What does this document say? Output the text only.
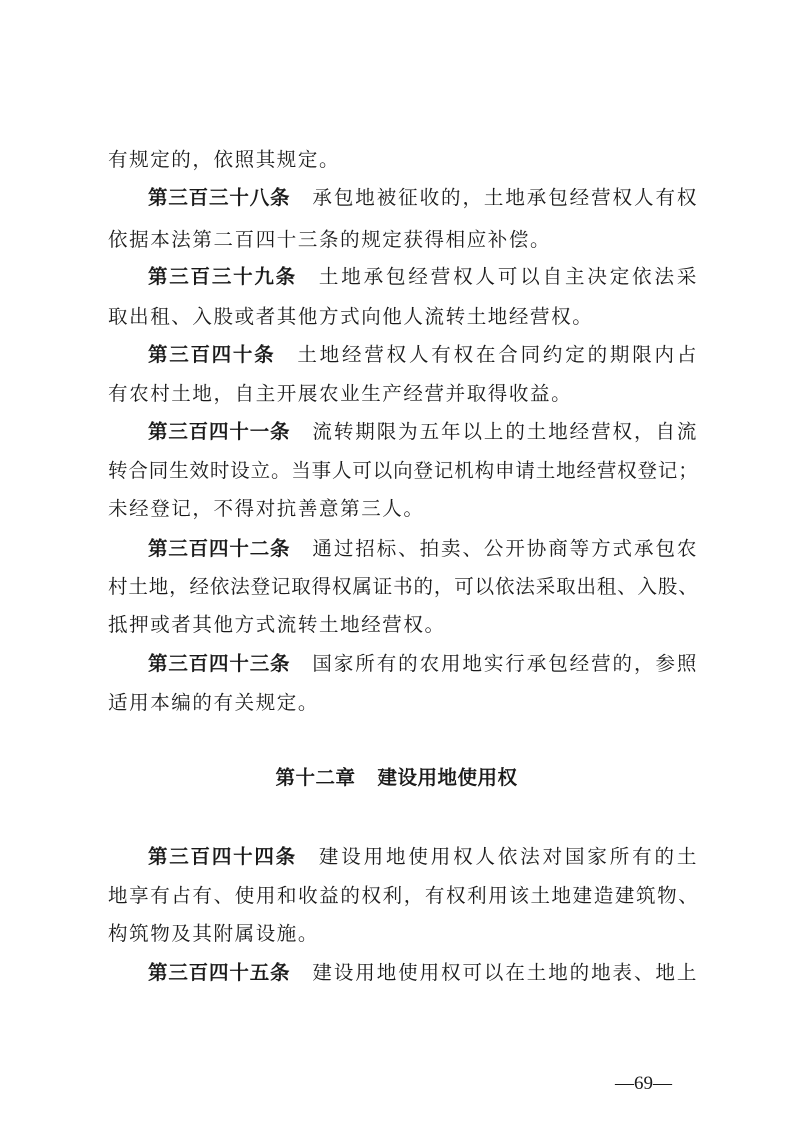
有规定的，依照其规定。
第三百三十八条 承包地被征收的，土地承包经营权人有权
依据本法第二百四十三条的规定获得相应补偿。
第三百三十九条 土地承包经营权人可以自主决定依法采
取出租、入股或者其他方式向他人流转土地经营权。
第三百四十条 土地经营权人有权在合同约定的期限内占
有农村土地，自主开展农业生产经营并取得收益。
第三百四十一条 流转期限为五年以上的土地经营权，自流
转合同生效时设立。当事人可以向登记机构申请土地经营权登记；
未经登记，不得对抗善意第三人。
第三百四十二条 通过招标、拍卖、公开协商等方式承包农
村土地，经依法登记取得权属证书的，可以依法采取出租、入股、
抵押或者其他方式流转土地经营权。
第三百四十三条 国家所有的农用地实行承包经营的，参照
适用本编的有关规定。
第十二章 建设用地使用权
第三百四十四条 建设用地使用权人依法对国家所有的土
地享有占有、使用和收益的权利，有权利用该土地建造建筑物、
构筑物及其附属设施。
第三百四十五条 建设用地使用权可以在土地的地表、地上
—69—
